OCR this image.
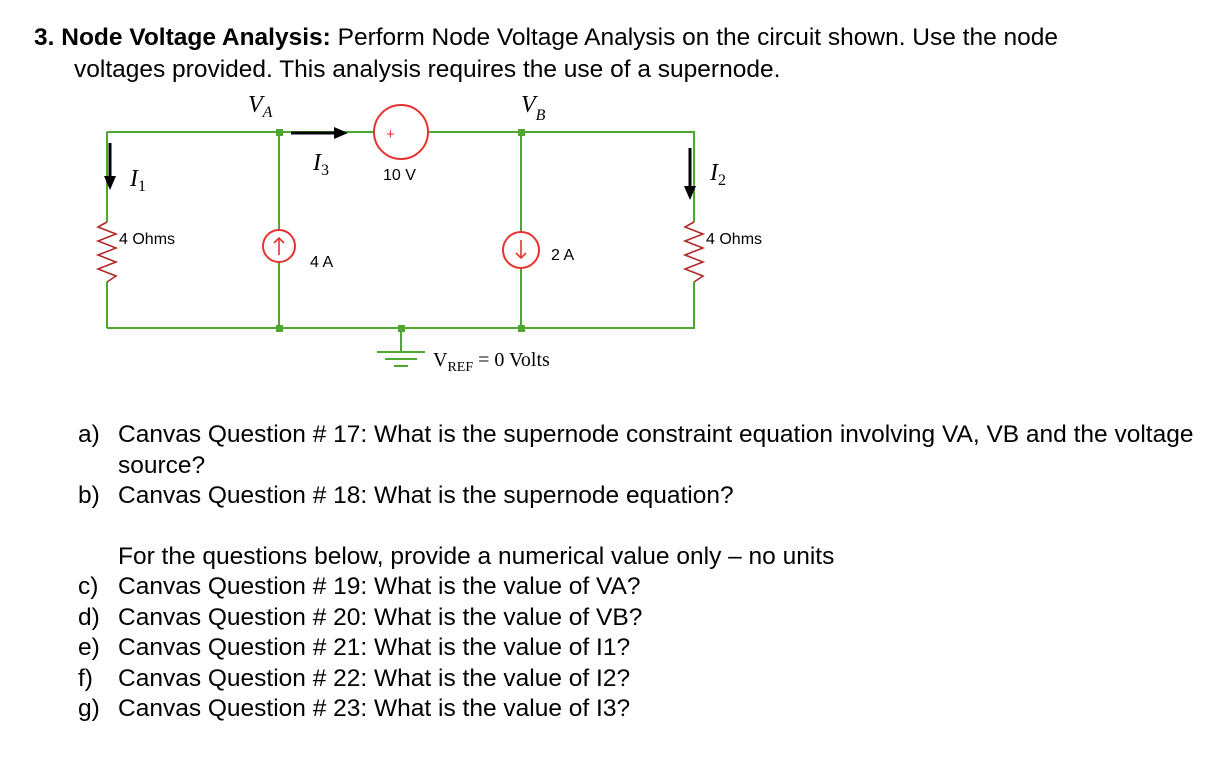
3. Node Voltage Analysis: Perform Node Voltage Analysis on the circuit shown. Use the node
voltages provided. This analysis requires the use of a supernode.
+
$V_A$	$V_B$
$I_1$
$I_2$
$I_3$
4 Ohms	4 Ohms
10 V
4 A	2 A
$V_{REF} = 0$ Volts
a) Canvas Question # 17: What is the supernode constraint equation involving VA, VB and the voltage source?
b) Canvas Question # 18: What is the supernode equation?
For the questions below, provide a numerical value only – no units
c) Canvas Question # 19: What is the value of VA?
d) Canvas Question # 20: What is the value of VB?
e) Canvas Question # 21: What is the value of I1?
f)	Canvas Question # 22: What is the value of I2?
g) Canvas Question # 23: What is the value of I3?
